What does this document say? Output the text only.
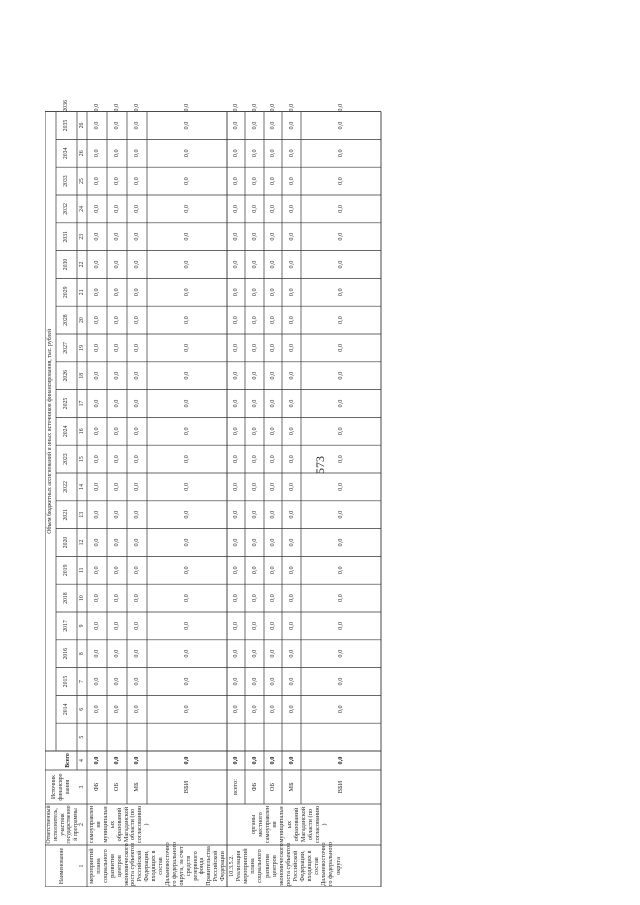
573
Наименование
Ответственный исполнитель, участник государственно й программы
Источник финансиро вания
Объем бюджетных ассигнований и иных источников финансирования, тыс. рублей
Всего
2014
2015
2016
2017
2018
2019
2020
2021
2022
2023
2024
2025
2026
2027
2028
2029
2030
2031
2032
2033
2034
2035
2036
1
2
3
4
5
6
7
8
9
10
11
12
13
14
15
16
17
18
19
20
21
22
23
24
25
26
26
мероприятий плана социального развития центров экономического роста субъектов Российской Федерации, входящих в состав Дальневосточно го федерального округа, за счет средств резервного фонда Правительства Российской Федерации
самоуправлен ия муниципальн ых образований Магаданской области (по согласованию )
10.3.5.2. Реализация мероприятий плана социального развития центров экономического роста субъектов Российской Федерации, входящих в состав Дальневосточно го федерального округа
органы местного самоуправлен ия муниципальн ых образований Магаданской области (по согласованию )
ФБ
0,0
0,0
0,0
0,0
0,0
0,0
0,0
0,0
0,0
0,0
0,0
0,0
0,0
0,0
0,0
0,0
0,0
0,0
0,0
0,0
0,0
0,0
0,0
0,0
ОБ
0,0
0,0
0,0
0,0
0,0
0,0
0,0
0,0
0,0
0,0
0,0
0,0
0,0
0,0
0,0
0,0
0,0
0,0
0,0
0,0
0,0
0,0
0,0
0,0
МБ
0,0
0,0
0,0
0,0
0,0
0,0
0,0
0,0
0,0
0,0
0,0
0,0
0,0
0,0
0,0
0,0
0,0
0,0
0,0
0,0
0,0
0,0
0,0
0,0
ВБИ
0,0
0,0
0,0
0,0
0,0
0,0
0,0
0,0
0,0
0,0
0,0
0,0
0,0
0,0
0,0
0,0
0,0
0,0
0,0
0,0
0,0
0,0
0,0
0,0
всего:
0,0
0,0
0,0
0,0
0,0
0,0
0,0
0,0
0,0
0,0
0,0
0,0
0,0
0,0
0,0
0,0
0,0
0,0
0,0
0,0
0,0
0,0
0,0
0,0
ФБ
0,0
0,0
0,0
0,0
0,0
0,0
0,0
0,0
0,0
0,0
0,0
0,0
0,0
0,0
0,0
0,0
0,0
0,0
0,0
0,0
0,0
0,0
0,0
0,0
ОБ
0,0
0,0
0,0
0,0
0,0
0,0
0,0
0,0
0,0
0,0
0,0
0,0
0,0
0,0
0,0
0,0
0,0
0,0
0,0
0,0
0,0
0,0
0,0
0,0
МБ
0,0
0,0
0,0
0,0
0,0
0,0
0,0
0,0
0,0
0,0
0,0
0,0
0,0
0,0
0,0
0,0
0,0
0,0
0,0
0,0
0,0
0,0
0,0
0,0
ВБИ
0,0
0,0
0,0
0,0
0,0
0,0
0,0
0,0
0,0
0,0
0,0
0,0
0,0
0,0
0,0
0,0
0,0
0,0
0,0
0,0
0,0
0,0
0,0
0,0
